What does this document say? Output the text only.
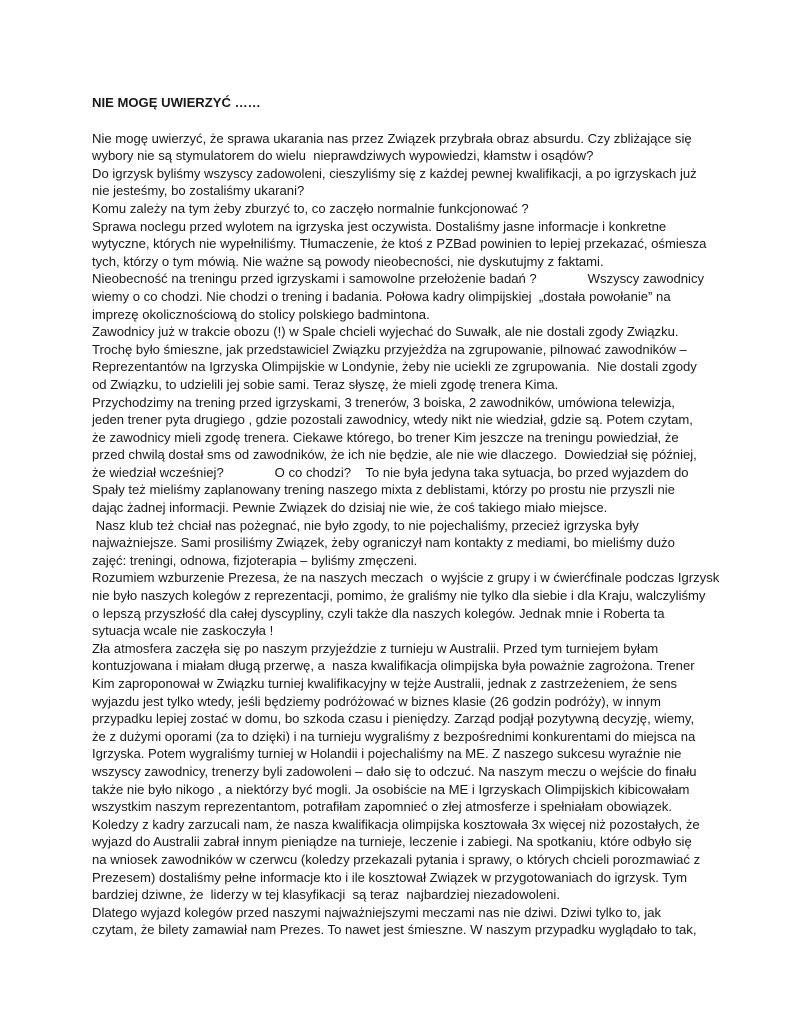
NIE MOGĘ UWIERZYĆ ……
Nie mogę uwierzyć, że sprawa ukarania nas przez Związek przybrała obraz absurdu. Czy zbliżające się
wybory nie są stymulatorem do wielu  nieprawdziwych wypowiedzi, kłamstw i osądów?
Do igrzysk byliśmy wszyscy zadowoleni, cieszyliśmy się z każdej pewnej kwalifikacji, a po igrzyskach już
nie jesteśmy, bo zostaliśmy ukarani?
Komu zależy na tym żeby zburzyć to, co zaczęło normalnie funkcjonować ?
Sprawa noclegu przed wylotem na igrzyska jest oczywista. Dostaliśmy jasne informacje i konkretne
wytyczne, których nie wypełniliśmy. Tłumaczenie, że ktoś z PZBad powinien to lepiej przekazać, ośmiesza
tych, którzy o tym mówią. Nie ważne są powody nieobecności, nie dyskutujmy z faktami.
Nieobecność na treningu przed igrzyskami i samowolne przełożenie badań ?              Wszyscy zawodnicy
wiemy o co chodzi. Nie chodzi o trening i badania. Połowa kadry olimpijskiej  „dostała powołanie” na
imprezę okolicznościową do stolicy polskiego badmintona.
Zawodnicy już w trakcie obozu (!) w Spale chcieli wyjechać do Suwałk, ale nie dostali zgody Związku.
Trochę było śmieszne, jak przedstawiciel Związku przyjeżdża na zgrupowanie, pilnować zawodników –
Reprezentantów na Igrzyska Olimpijskie w Londynie, żeby nie uciekli ze zgrupowania.  Nie dostali zgody
od Związku, to udzielili jej sobie sami. Teraz słyszę, że mieli zgodę trenera Kima.
Przychodzimy na trening przed igrzyskami, 3 trenerów, 3 boiska, 2 zawodników, umówiona telewizja,
jeden trener pyta drugiego , gdzie pozostali zawodnicy, wtedy nikt nie wiedział, gdzie są. Potem czytam,
że zawodnicy mieli zgodę trenera. Ciekawe którego, bo trener Kim jeszcze na treningu powiedział, że
przed chwilą dostał sms od zawodników, że ich nie będzie, ale nie wie dlaczego.  Dowiedział się później,
że wiedział wcześniej?              O co chodzi?    To nie była jedyna taka sytuacja, bo przed wyjazdem do
Spały też mieliśmy zaplanowany trening naszego mixta z deblistami, którzy po prostu nie przyszli nie
dając żadnej informacji. Pewnie Związek do dzisiaj nie wie, że coś takiego miało miejsce.
Nasz klub też chciał nas pożegnać, nie było zgody, to nie pojechaliśmy, przecież igrzyska były
najważniejsze. Sami prosiliśmy Związek, żeby ograniczył nam kontakty z mediami, bo mieliśmy dużo
zajęć: treningi, odnowa, fizjoterapia – byliśmy zmęczeni.
Rozumiem wzburzenie Prezesa, że na naszych meczach  o wyjście z grupy i w ćwierćfinale podczas Igrzysk
nie było naszych kolegów z reprezentacji, pomimo, że graliśmy nie tylko dla siebie i dla Kraju, walczyliśmy
o lepszą przyszłość dla całej dyscypliny, czyli także dla naszych kolegów. Jednak mnie i Roberta ta
sytuacja wcale nie zaskoczyła !
Zła atmosfera zaczęła się po naszym przyjeździe z turnieju w Australii. Przed tym turniejem byłam
kontuzjowana i miałam długą przerwę, a  nasza kwalifikacja olimpijska była poważnie zagrożona. Trener
Kim zaproponował w Związku turniej kwalifikacyjny w tejże Australii, jednak z zastrzeżeniem, że sens
wyjazdu jest tylko wtedy, jeśli będziemy podróżować w biznes klasie (26 godzin podróży), w innym
przypadku lepiej zostać w domu, bo szkoda czasu i pieniędzy. Zarząd podjął pozytywną decyzję, wiemy,
że z dużymi oporami (za to dzięki) i na turnieju wygraliśmy z bezpośrednimi konkurentami do miejsca na
Igrzyska. Potem wygraliśmy turniej w Holandii i pojechaliśmy na ME. Z naszego sukcesu wyraźnie nie
wszyscy zawodnicy, trenerzy byli zadowoleni – dało się to odczuć. Na naszym meczu o wejście do finału
także nie było nikogo , a niektórzy być mogli. Ja osobiście na ME i Igrzyskach Olimpijskich kibicowałam
wszystkim naszym reprezentantom, potrafiłam zapomnieć o złej atmosferze i spełniałam obowiązek.
Koledzy z kadry zarzucali nam, że nasza kwalifikacja olimpijska kosztowała 3x więcej niż pozostałych, że
wyjazd do Australii zabrał innym pieniądze na turnieje, leczenie i zabiegi. Na spotkaniu, które odbyło się
na wniosek zawodników w czerwcu (koledzy przekazali pytania i sprawy, o których chcieli porozmawiać z
Prezesem) dostaliśmy pełne informacje kto i ile kosztował Związek w przygotowaniach do igrzysk. Tym
bardziej dziwne, że  liderzy w tej klasyfikacji  są teraz  najbardziej niezadowoleni.
Dlatego wyjazd kolegów przed naszymi najważniejszymi meczami nas nie dziwi. Dziwi tylko to, jak
czytam, że bilety zamawiał nam Prezes. To nawet jest śmieszne. W naszym przypadku wyglądało to tak,
